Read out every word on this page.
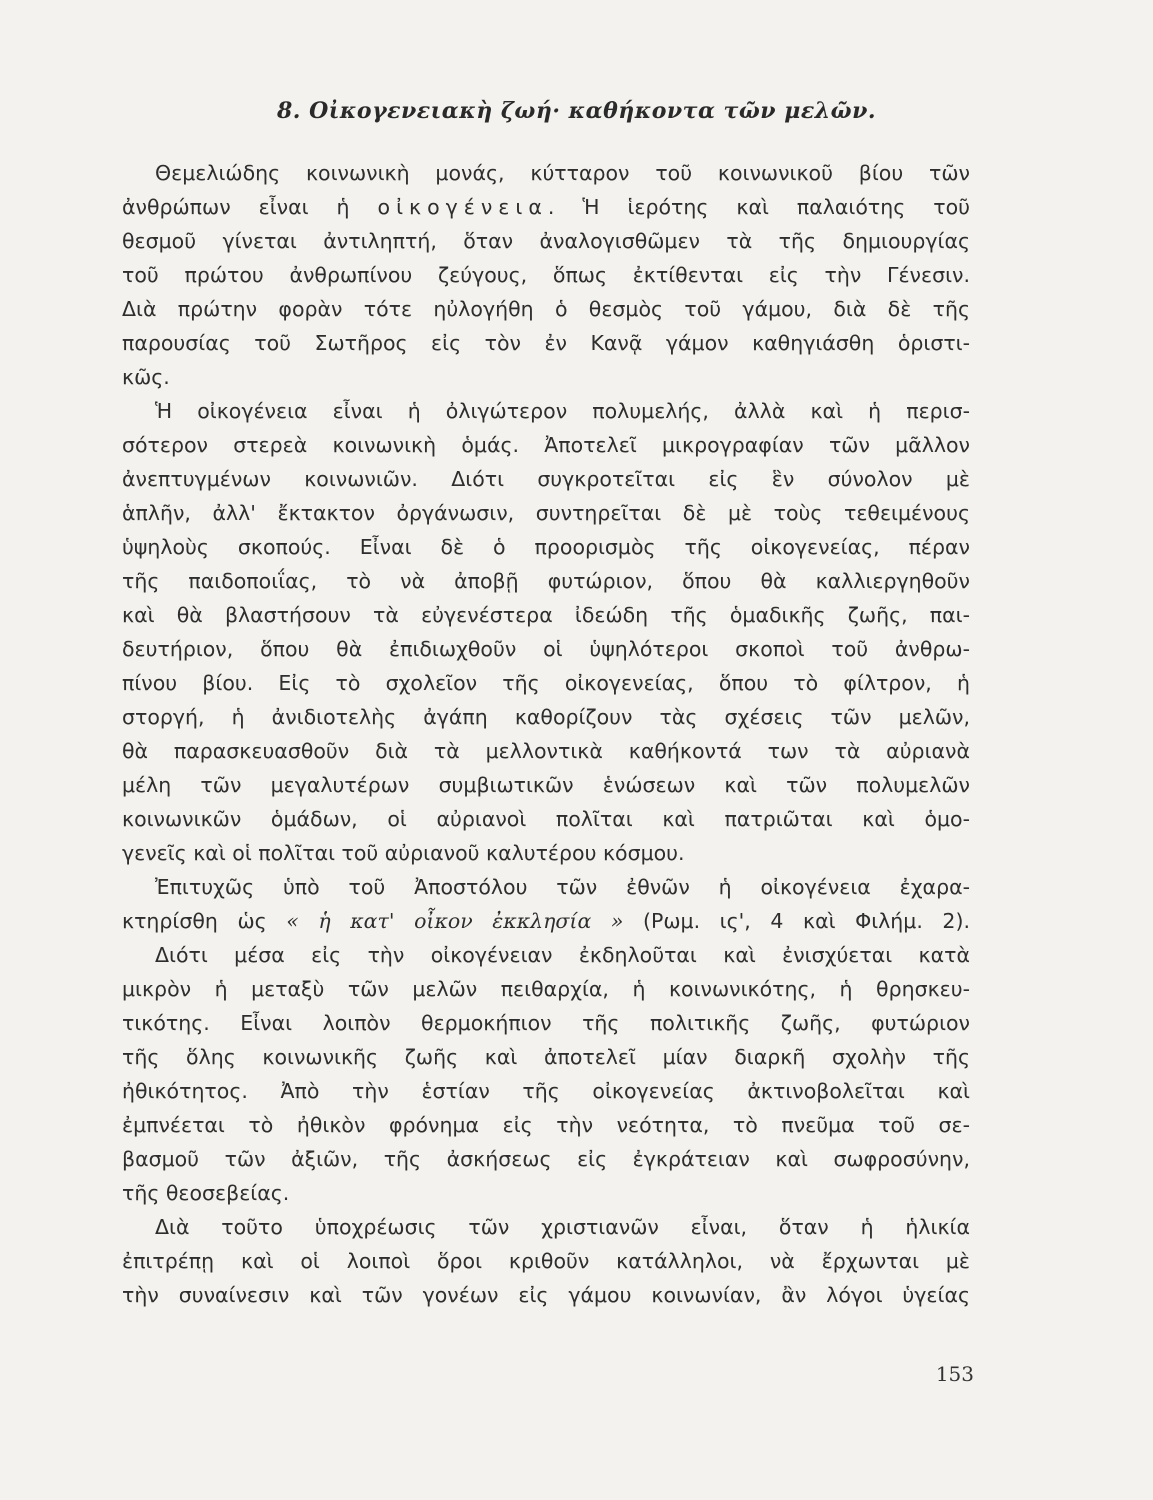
8. Οἰκογενειακὴ ζωή· καθήκοντα τῶν μελῶν.
Θεμελιώδης κοινωνικὴ μονάς, κύτταρον τοῦ κοινωνικοῦ βίου τῶν
ἀνθρώπων εἶναι ἡ οἰκογένεια. Ἡ ἱερότης καὶ παλαιότης τοῦ
θεσμοῦ γίνεται ἀντιληπτή, ὅταν ἀναλογισθῶμεν τὰ τῆς δημιουργίας
τοῦ πρώτου ἀνθρωπίνου ζεύγους, ὅπως ἐκτίθενται εἰς τὴν Γένεσιν.
Διὰ πρώτην φορὰν τότε ηὐλογήθη ὁ θεσμὸς τοῦ γάμου, διὰ δὲ τῆς
παρουσίας τοῦ Σωτῆρος εἰς τὸν ἐν Κανᾷ γάμον καθηγιάσθη ὁριστι-
κῶς.
Ἡ οἰκογένεια εἶναι ἡ ὀλιγώτερον πολυμελής, ἀλλὰ καὶ ἡ περισ-
σότερον στερεὰ κοινωνικὴ ὁμάς. Ἀποτελεῖ μικρογραφίαν τῶν μᾶλλον
ἀνεπτυγμένων κοινωνιῶν. Διότι συγκροτεῖται εἰς ἓν σύνολον μὲ
ἁπλῆν, ἀλλ' ἔκτακτον ὀργάνωσιν, συντηρεῖται δὲ μὲ τοὺς τεθειμένους
ὑψηλοὺς σκοπούς. Εἶναι δὲ ὁ προορισμὸς τῆς οἰκογενείας, πέραν
τῆς παιδοποιΐας, τὸ νὰ ἀποβῇ φυτώριον, ὅπου θὰ καλλιεργηθοῦν
καὶ θὰ βλαστήσουν τὰ εὐγενέστερα ἰδεώδη τῆς ὁμαδικῆς ζωῆς, παι-
δευτήριον, ὅπου θὰ ἐπιδιωχθοῦν οἱ ὑψηλότεροι σκοποὶ τοῦ ἀνθρω-
πίνου βίου. Εἰς τὸ σχολεῖον τῆς οἰκογενείας, ὅπου τὸ φίλτρον, ἡ
στοργή, ἡ ἀνιδιοτελὴς ἀγάπη καθορίζουν τὰς σχέσεις τῶν μελῶν,
θὰ παρασκευασθοῦν διὰ τὰ μελλοντικὰ καθήκοντά των τὰ αὐριανὰ
μέλη τῶν μεγαλυτέρων συμβιωτικῶν ἑνώσεων καὶ τῶν πολυμελῶν
κοινωνικῶν ὁμάδων, οἱ αὐριανοὶ πολῖται καὶ πατριῶται καὶ ὁμο-
γενεῖς καὶ οἱ πολῖται τοῦ αὐριανοῦ καλυτέρου κόσμου.
Ἐπιτυχῶς ὑπὸ τοῦ Ἀποστόλου τῶν ἐθνῶν ἡ οἰκογένεια ἐχαρα-
κτηρίσθη ὡς « ἡ κατ' οἶκον ἐκκλησία » (Ρωμ. ις', 4 καὶ Φιλήμ. 2).
Διότι μέσα εἰς τὴν οἰκογένειαν ἐκδηλοῦται καὶ ἐνισχύεται κατὰ
μικρὸν ἡ μεταξὺ τῶν μελῶν πειθαρχία, ἡ κοινωνικότης, ἡ θρησκευ-
τικότης. Εἶναι λοιπὸν θερμοκήπιον τῆς πολιτικῆς ζωῆς, φυτώριον
τῆς ὅλης κοινωνικῆς ζωῆς καὶ ἀποτελεῖ μίαν διαρκῆ σχολὴν τῆς
ἠθικότητος. Ἀπὸ τὴν ἑστίαν τῆς οἰκογενείας ἀκτινοβολεῖται καὶ
ἐμπνέεται τὸ ἠθικὸν φρόνημα εἰς τὴν νεότητα, τὸ πνεῦμα τοῦ σε-
βασμοῦ τῶν ἀξιῶν, τῆς ἀσκήσεως εἰς ἐγκράτειαν καὶ σωφροσύνην,
τῆς θεοσεβείας.
Διὰ τοῦτο ὑποχρέωσις τῶν χριστιανῶν εἶναι, ὅταν ἡ ἡλικία
ἐπιτρέπῃ καὶ οἱ λοιποὶ ὅροι κριθοῦν κατάλληλοι, νὰ ἔρχωνται μὲ
τὴν συναίνεσιν καὶ τῶν γονέων εἰς γάμου κοινωνίαν, ἂν λόγοι ὑγείας
153
